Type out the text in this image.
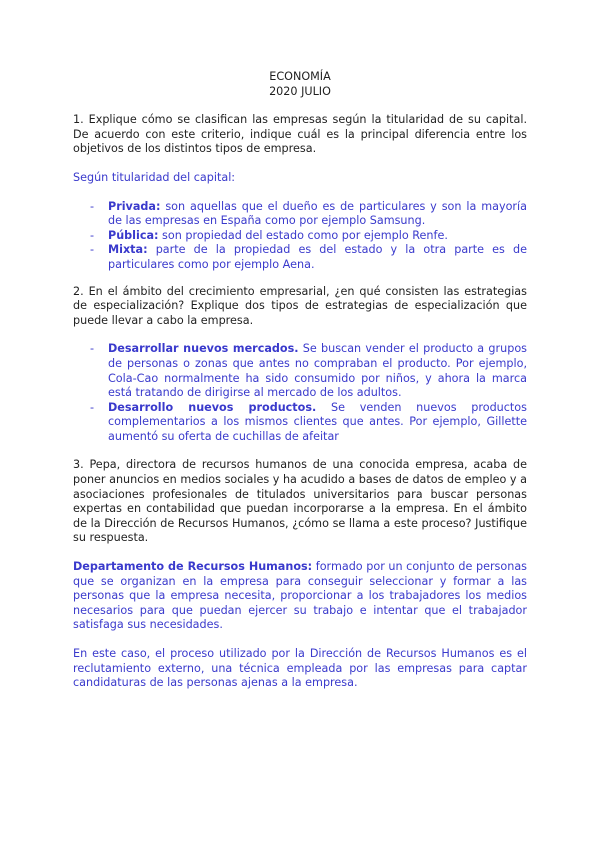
ECONOMÍA

2020 JULIO

1. Explique cómo se clasifican las empresas según la titularidad de su capital. De acuerdo con este criterio, indique cuál es la principal diferencia entre los objetivos de los distintos tipos de empresa.

Según titularidad del capital:

- Privada: son aquellas que el dueño es de particulares y son la mayoría de las empresas en España como por ejemplo Samsung.
- Pública: son propiedad del estado como por ejemplo Renfe.
- Mixta: parte de la propiedad es del estado y la otra parte es de particulares como por ejemplo Aena.

2. En el ámbito del crecimiento empresarial, ¿en qué consisten las estrategias de especialización? Explique dos tipos de estrategias de especialización que puede llevar a cabo la empresa.

- Desarrollar nuevos mercados. Se buscan vender el producto a grupos de personas o zonas que antes no compraban el producto. Por ejemplo, Cola-Cao normalmente ha sido consumido por niños, y ahora la marca está tratando de dirigirse al mercado de los adultos.
- Desarrollo nuevos productos. Se venden nuevos productos complementarios a los mismos clientes que antes. Por ejemplo, Gillette aumentó su oferta de cuchillas de afeitar

3. Pepa, directora de recursos humanos de una conocida empresa, acaba de poner anuncios en medios sociales y ha acudido a bases de datos de empleo y a asociaciones profesionales de titulados universitarios para buscar personas expertas en contabilidad que puedan incorporarse a la empresa. En el ámbito de la Dirección de Recursos Humanos, ¿cómo se llama a este proceso? Justifique su respuesta.

Departamento de Recursos Humanos: formado por un conjunto de personas que se organizan en la empresa para conseguir seleccionar y formar a las personas que la empresa necesita, proporcionar a los trabajadores los medios necesarios para que puedan ejercer su trabajo e intentar que el trabajador satisfaga sus necesidades.

En este caso, el proceso utilizado por la Dirección de Recursos Humanos es el reclutamiento externo, una técnica empleada por las empresas para captar candidaturas de las personas ajenas a la empresa.
